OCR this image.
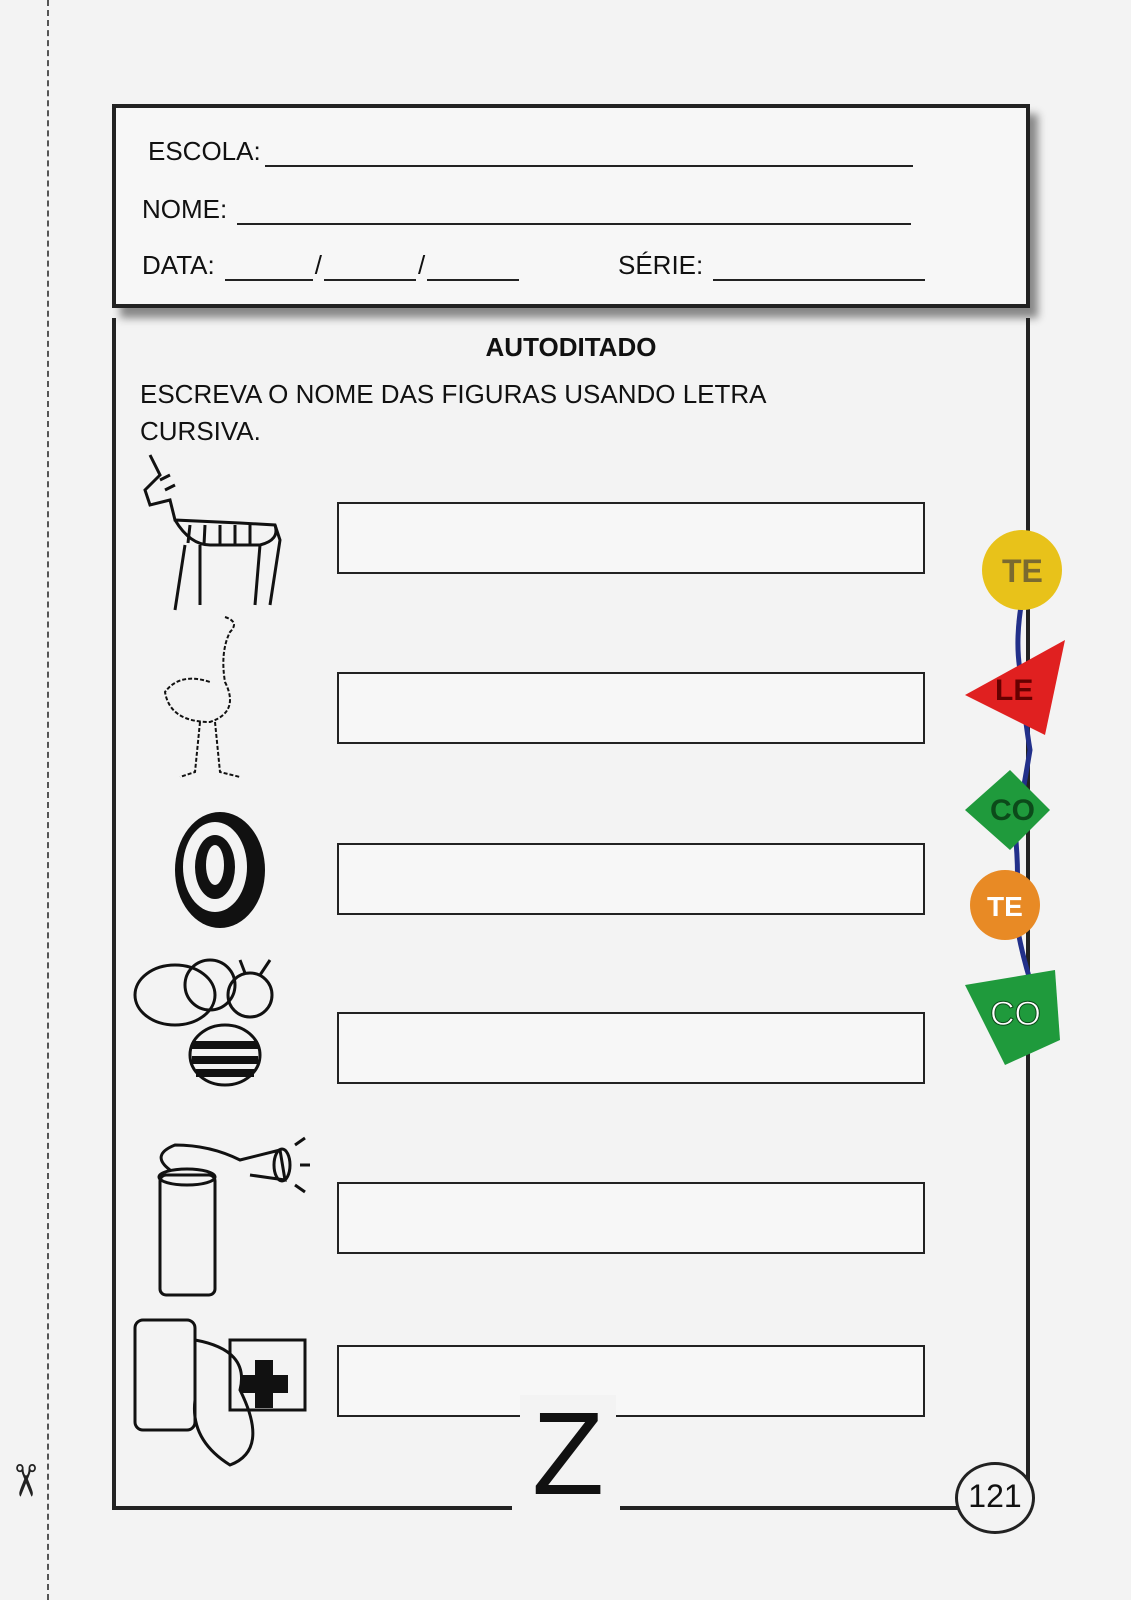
✂
ESCOLA:
NOME:
DATA:	/	/	SÉRIE:
AUTODITADO
ESCREVA O NOME DAS FIGURAS USANDO LETRA CURSIVA.
Z	121
TE
LE
CO
TE
CO
